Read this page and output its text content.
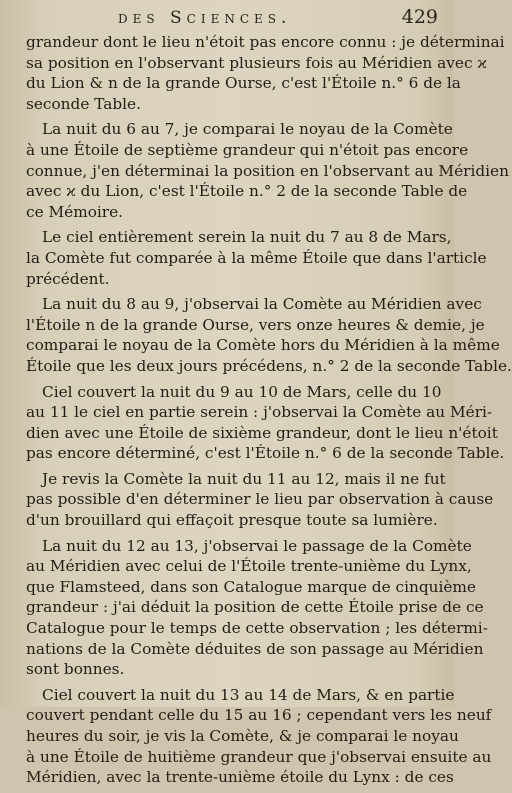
des Sciences.	429
grandeur dont le lieu n'étoit pas encore connu : je déterminai
sa position en l'observant plusieurs fois au Méridien avec ϰ
du Lion & n de la grande Ourse, c'est l'Étoile n.° 6 de la
seconde Table.
La nuit du 6 au 7, je comparai le noyau de la Comète
à une Étoile de septième grandeur qui n'étoit pas encore
connue, j'en déterminai la position en l'observant au Méridien
avec ϰ du Lion, c'est l'Étoile n.° 2 de la seconde Table de
ce Mémoire.
Le ciel entièrement serein la nuit du 7 au 8 de Mars,
la Comète fut comparée à la même Étoile que dans l'article
précédent.
La nuit du 8 au 9, j'observai la Comète au Méridien avec
l'Étoile n de la grande Ourse, vers onze heures & demie, je
comparai le noyau de la Comète hors du Méridien à la même
Étoile que les deux jours précédens, n.° 2 de la seconde Table.
Ciel couvert la nuit du 9 au 10 de Mars, celle du 10
au 11 le ciel en partie serein : j'observai la Comète au Méri-
dien avec une Étoile de sixième grandeur, dont le lieu n'étoit
pas encore déterminé, c'est l'Étoile n.° 6 de la seconde Table.
Je revis la Comète la nuit du 11 au 12, mais il ne fut
pas possible d'en déterminer le lieu par observation à cause
d'un brouillard qui effaçoit presque toute sa lumière.
La nuit du 12 au 13, j'observai le passage de la Comète
au Méridien avec celui de l'Étoile trente-unième du Lynx,
que Flamsteed, dans son Catalogue marque de cinquième
grandeur : j'ai déduit la position de cette Étoile prise de ce
Catalogue pour le temps de cette observation ; les détermi-
nations de la Comète déduites de son passage au Méridien
sont bonnes.
Ciel couvert la nuit du 13 au 14 de Mars, & en partie
couvert pendant celle du 15 au 16 ; cependant vers les neuf
heures du soir, je vis la Comète, & je comparai le noyau
à une Étoile de huitième grandeur que j'observai ensuite au
Méridien, avec la trente-unième étoile du Lynx : de ces
